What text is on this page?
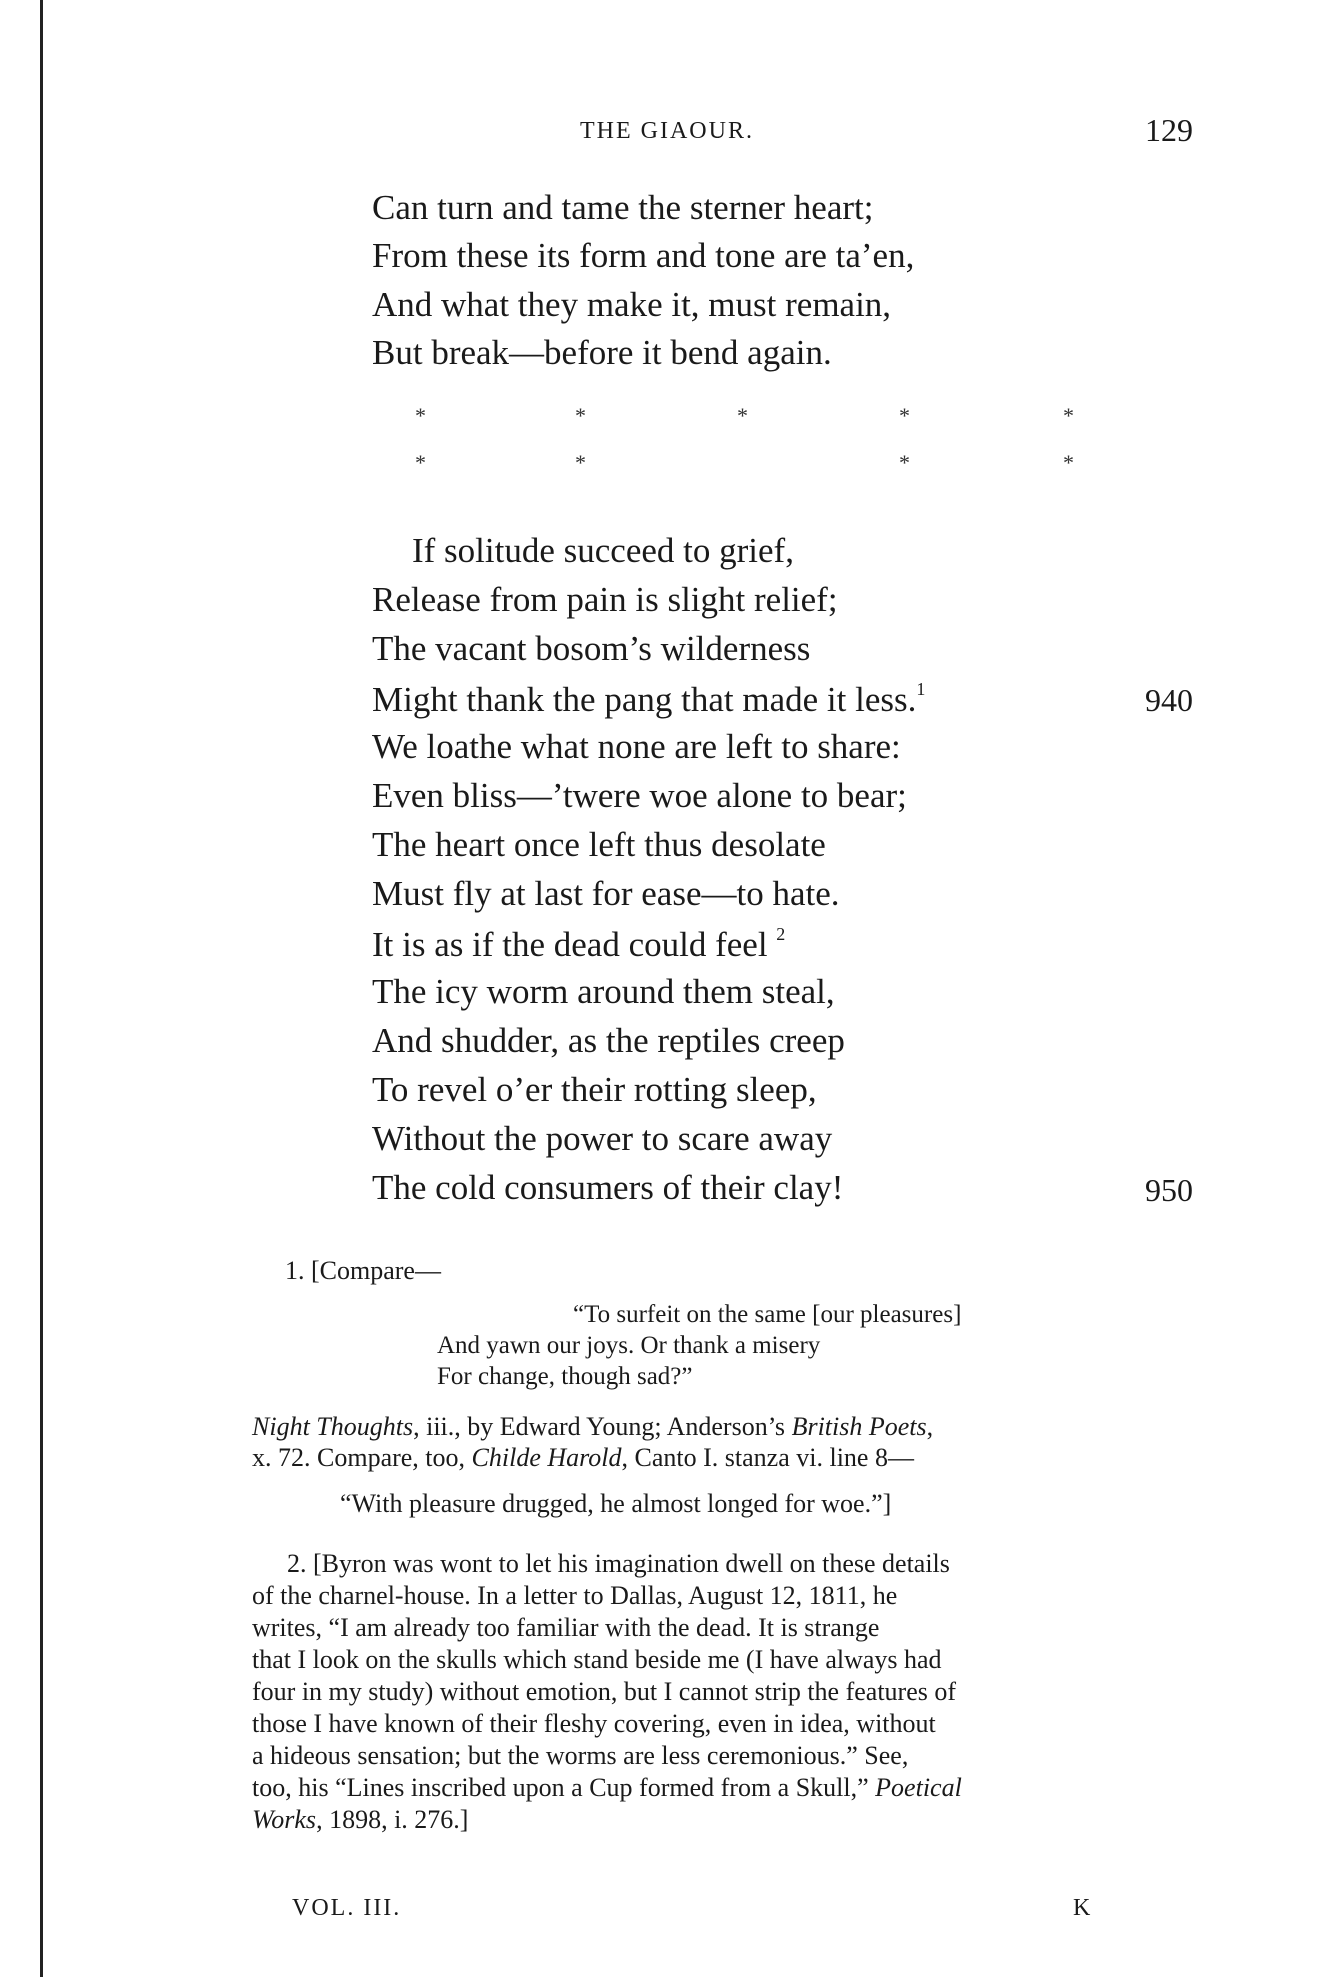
THE GIAOUR.	129
Can turn and tame the sterner heart;
From these its form and tone are ta’en,
And what they make it, must remain,
But break—before it bend again.
*	*	*	*	*
*	*	*	*
If solitude succeed to grief,
Release from pain is slight relief;
The vacant bosom’s wilderness
Might thank the pang that made it less.$^1$	940
We loathe what none are left to share:
Even bliss—’twere woe alone to bear;
The heart once left thus desolate
Must fly at last for ease—to hate.
It is as if the dead could feel $^2$
The icy worm around them steal,
And shudder, as the reptiles creep
To revel o’er their rotting sleep,
Without the power to scare away
The cold consumers of their clay!	950
1. [Compare—
“To surfeit on the same [our pleasures]
And yawn our joys. Or thank a misery
For change, though sad?”
Night Thoughts, iii., by Edward Young; Anderson’s British Poets,
x. 72. Compare, too, Childe Harold, Canto I. stanza vi. line 8—
“With pleasure drugged, he almost longed for woe.”]
2. [Byron was wont to let his imagination dwell on these details
of the charnel-house. In a letter to Dallas, August 12, 1811, he
writes, “I am already too familiar with the dead. It is strange
that I look on the skulls which stand beside me (I have always had
four in my study) without emotion, but I cannot strip the features of
those I have known of their fleshy covering, even in idea, without
a hideous sensation; but the worms are less ceremonious.” See,
too, his “Lines inscribed upon a Cup formed from a Skull,” Poetical
Works, 1898, i. 276.]
VOL. III.	K
